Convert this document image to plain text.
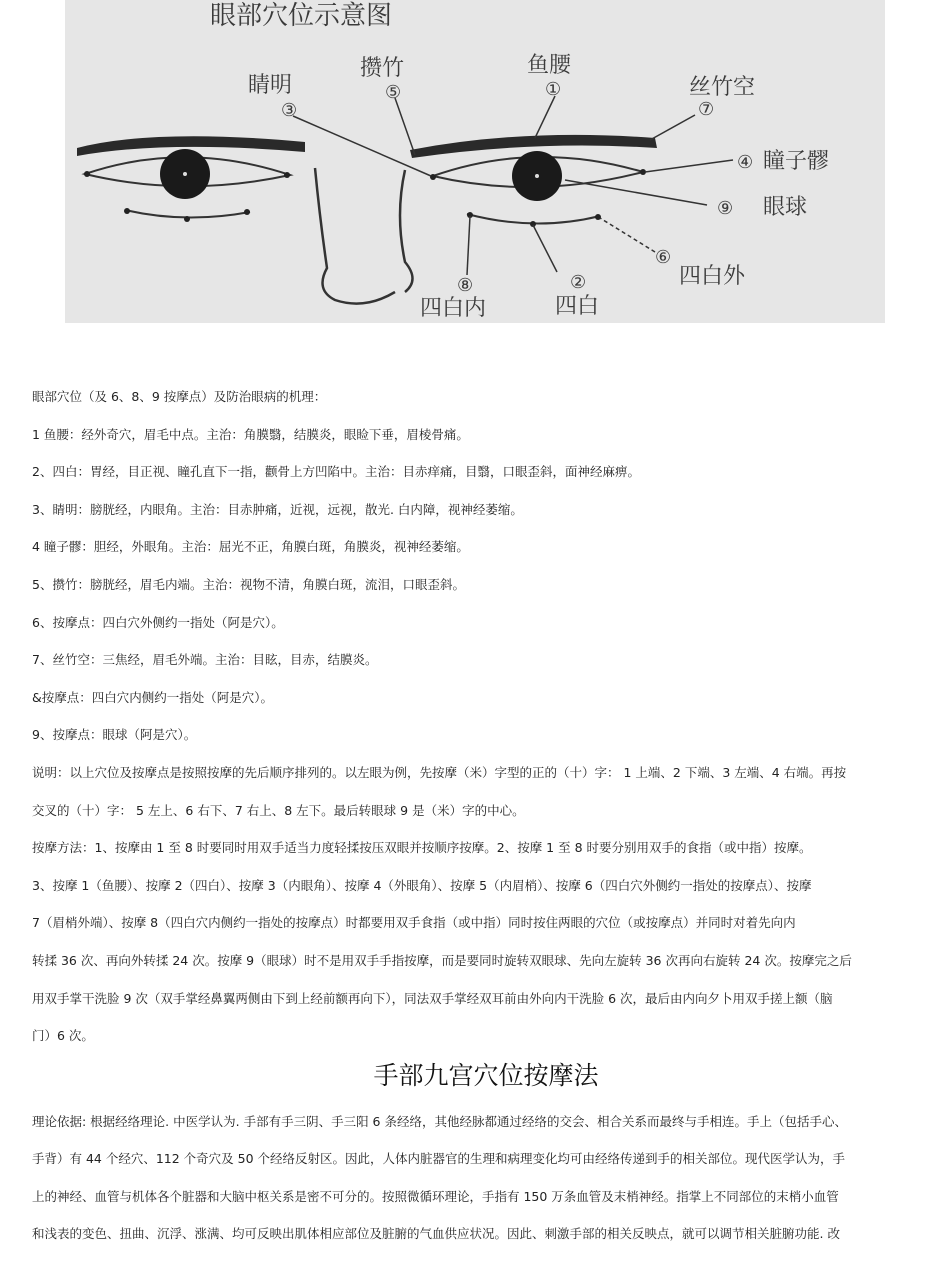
眼部穴位示意图
睛明
③
攒竹
⑤
鱼腰
①	丝竹空
⑦
④ 瞳子髎
⑨ 眼球
⑥
四白外
⑧
四白内
②
四白

眼部穴位（及 6、8、9 按摩点）及防治眼病的机理：

1 鱼腰：经外奇穴，眉毛中点。主治：角膜翳，结膜炎，眼睑下垂，眉棱骨痛。

2、四白：胃经，目正视、瞳孔直下一指，颧骨上方凹陷中。主治：目赤痒痛，目翳，口眼歪斜，面神经麻痹。

3、睛明：膀胱经，内眼角。主治：目赤肿痛，近视，远视，散光. 白内障，视神经萎缩。

4 瞳子髎：胆经，外眼角。主治：屈光不正，角膜白斑，角膜炎，视神经萎缩。

5、攒竹：膀胱经，眉毛内端。主治：视物不清，角膜白斑，流泪，口眼歪斜。

6、按摩点：四白穴外侧约一指处（阿是穴）。

7、丝竹空：三焦经，眉毛外端。主治：目眩，目赤，结膜炎。

&按摩点：四白穴内侧约一指处（阿是穴）。

9、按摩点：眼球（阿是穴）。

说明：以上穴位及按摩点是按照按摩的先后顺序排列的。以左眼为例，先按摩（米）字型的正的（十）字： 1 上端、2 下端、3 左端、4 右端。再按

交叉的（十）字： 5 左上、6 右下、7 右上、8 左下。最后转眼球 9 是（米）字的中心。

按摩方法：1、按摩由 1 至 8 时要同时用双手适当力度轻揉按压双眼并按顺序按摩。2、按摩 1 至 8 时要分别用双手的食指（或中指）按摩。

3、按摩 1（鱼腰）、按摩 2（四白）、按摩 3（内眼角）、按摩 4（外眼角）、按摩 5（内眉梢）、按摩 6（四白穴外侧约一指处的按摩点）、按摩

7（眉梢外端）、按摩 8（四白穴内侧约一指处的按摩点）时都要用双手食指（或中指）同时按住两眼的穴位（或按摩点）并同时对着先向内

转揉 36 次、再向外转揉 24 次。按摩 9（眼球）时不是用双手手指按摩，而是要同时旋转双眼球、先向左旋转 36 次再向右旋转 24 次。按摩完之后

用双手掌干洗脸 9 次（双手掌经鼻翼两侧由下到上经前额再向下），同法双手掌经双耳前由外向内干洗脸 6 次，最后由内向夕卜用双手搓上额（脑

门）6 次。

手部九宫穴位按摩法

理论依据: 根据经络理论. 中医学认为. 手部有手三阴、手三阳 6 条经络，其他经脉都通过经络的交会、相合关系而最终与手相连。手上（包括手心、

手背）有 44 个经穴、112 个奇穴及 50 个经络反射区。因此，人体内脏器官的生理和病理变化均可由经络传递到手的相关部位。现代医学认为，手

上的神经、血管与机体各个脏器和大脑中枢关系是密不可分的。按照微循环理论，手指有 150 万条血管及末梢神经。指掌上不同部位的末梢小血管

和浅表的变色、扭曲、沉浮、涨满、均可反映出肌体相应部位及脏腑的气血供应状况。因此、刺激手部的相关反映点，就可以调节相关脏腑功能. 改
